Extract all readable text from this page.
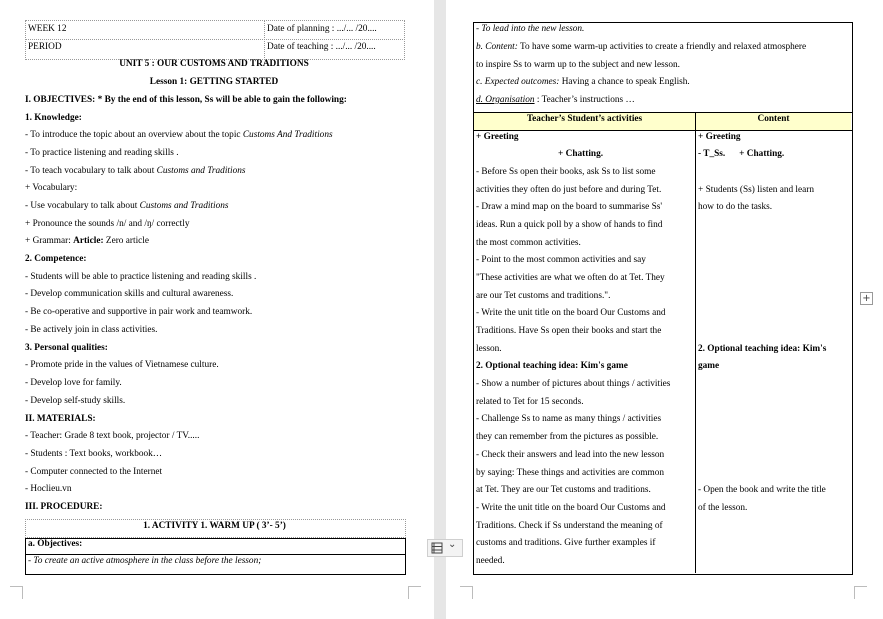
WEEK 12
PERIOD
Date of planning : .../... /20....
Date of teaching : .../... /20....
UNIT 5 : OUR CUSTOMS AND TRADITIONS
Lesson 1: GETTING STARTED
I. OBJECTIVES: * By the end of this lesson, Ss will be able to gain the following:
1. Knowledge:
- To introduce the topic about an overview about the topic Customs And Traditions
- To practice listening and reading skills .
- To teach vocabulary to talk about Customs and Traditions
+ Vocabulary:
- Use vocabulary to talk about Customs and Traditions
+ Pronounce the sounds /n/ and /ŋ/ correctly
+ Grammar: Article: Zero article
2. Competence:
- Students will be able to practice listening and reading skills .
- Develop communication skills and cultural awareness.
- Be co-operative and supportive in pair work and teamwork.
- Be actively join in class activities.
3. Personal qualities:
- Promote pride in the values of Vietnamese culture.
- Develop love for family.
- Develop self-study skills.
II. MATERIALS:
- Teacher: Grade 8 text book, projector / TV.....
- Students : Text books, workbook…
- Computer connected to the Internet
- Hoclieu.vn
III. PROCEDURE:
1. ACTIVITY 1. WARM UP ( 3’- 5’)
a. Objectives:
- To create an active atmosphere in the class before the lesson;
- To lead into the new lesson.
b. Content: To have some warm-up activities to create a friendly and relaxed atmosphere
to inspire Ss to warm up to the subject and new lesson.
c. Expected outcomes: Having a chance to speak English.
d. Organisation : Teacher’s instructions …
Teacher’s Student’s activities	Content
+ Greeting
+ Chatting.
- Before Ss open their books, ask Ss to list some
activities they often do just before and during Tet.
- Draw a mind map on the board to summarise Ss'
ideas. Run a quick poll by a show of hands to find
the most common activities.
- Point to the most common activities and say
"These activities are what we often do at Tet. They
are our Tet customs and traditions.".
- Write the unit title on the board Our Customs and
Traditions. Have Ss open their books and start the
lesson.
2. Optional teaching idea: Kim's game
- Show a number of pictures about things / activities
related to Tet for 15 seconds.
- Challenge Ss to name as many things / activities
they can remember from the pictures as possible.
- Check their answers and lead into the new lesson
by saying: These things and activities are common
at Tet. They are our Tet customs and traditions.
- Write the unit title on the board Our Customs and
Traditions. Check if Ss understand the meaning of
customs and traditions. Give further examples if
needed.
+ Greeting
- T_Ss. + Chatting.
+ Students (Ss) listen and learn
how to do the tasks.
2. Optional teaching idea: Kim's
game
- Open the book and write the title
of the lesson.
+
⌄
